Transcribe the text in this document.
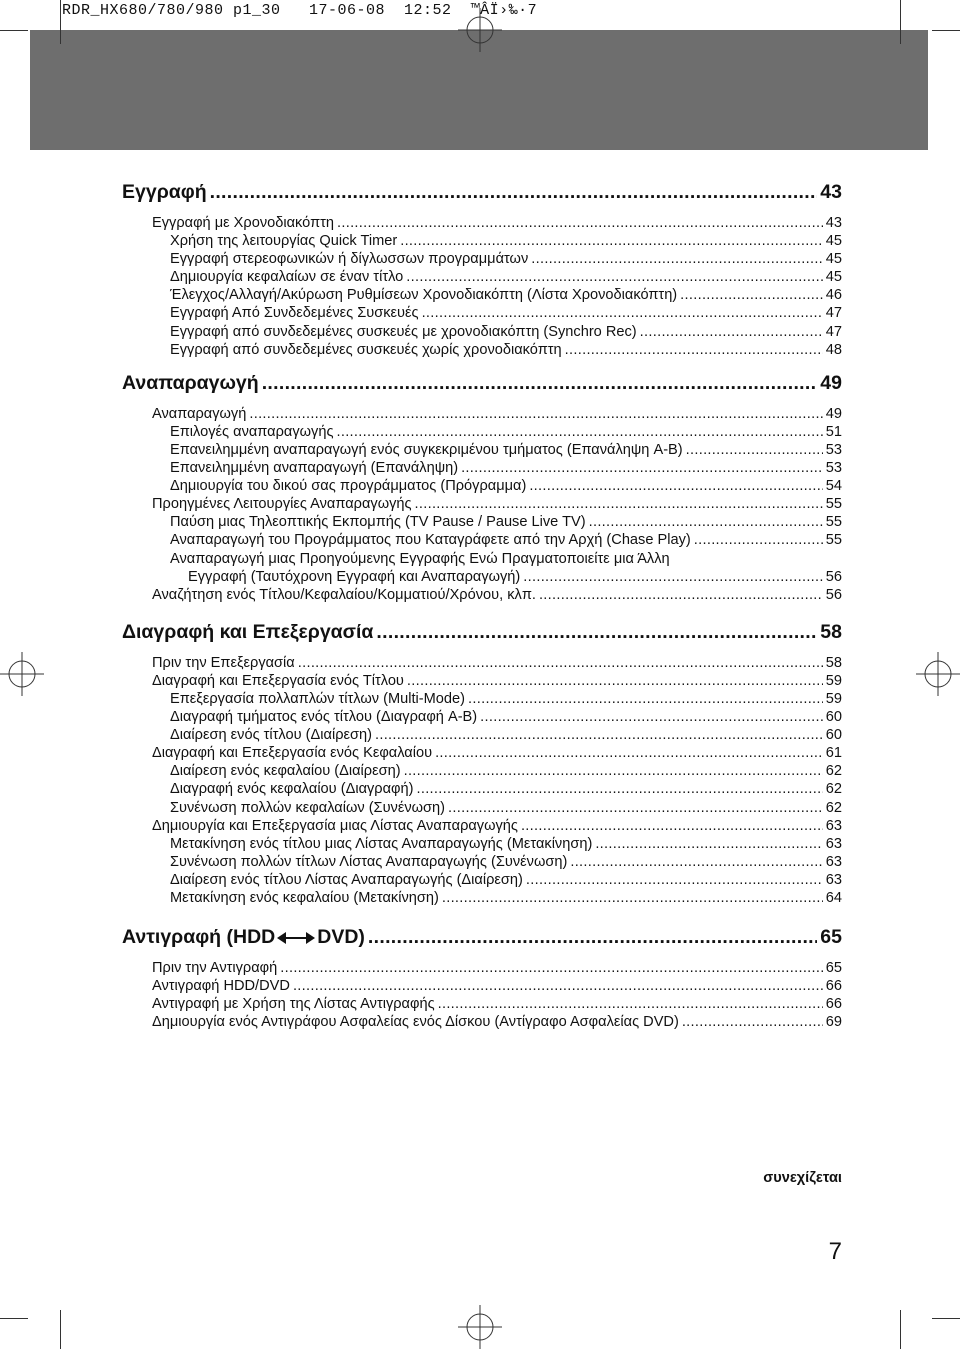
RDR_HX680/780/980 p1_30   17-06-08  12:52  ™ÂÏ›‰·7
Εγγραφή .....	43
Εγγραφή με Χρονοδιακόπτη .....	43
Χρήση της λειτουργίας Quick Timer .....	45
Εγγραφή στερεοφωνικών ή δίγλωσσων προγραμμάτων .....	45
Δημιουργία κεφαλαίων σε έναν τίτλο .....	45
Έλεγχος/Αλλαγή/Ακύρωση Ρυθμίσεων Χρονοδιακόπτη (Λίστα Χρονοδιακόπτη) .....	46
Εγγραφή Από Συνδεδεμένες Συσκευές .....	47
Εγγραφή από συνδεδεμένες συσκευές με χρονοδιακόπτη (Synchro Rec) .....	47
Εγγραφή από συνδεδεμένες συσκευές χωρίς χρονοδιακόπτη .....	48
Αναπαραγωγή .....	49
Αναπαραγωγή .....	49
Επιλογές αναπαραγωγής .....	51
Επανειλημμένη αναπαραγωγή ενός συγκεκριμένου τμήματος (Επανάληψη A-B) .....	53
Επανειλημμένη αναπαραγωγή (Επανάληψη) .....	53
Δημιουργία του δικού σας προγράμματος (Πρόγραμμα) .....	54
Προηγμένες Λειτουργίες Αναπαραγωγής .....	55
Παύση μιας Τηλεοπτικής Εκπομπής (TV Pause / Pause Live TV) .....	55
Αναπαραγωγή του Προγράμματος που Καταγράφετε από την Αρχή (Chase Play) .....	55
Αναπαραγωγή μιας Προηγούμενης Εγγραφής Ενώ Πραγματοποιείτε μια Άλλη
Εγγραφή (Ταυτόχρονη Εγγραφή και Αναπαραγωγή) .....	56
Αναζήτηση ενός Τίτλου/Κεφαλαίου/Κομματιού/Χρόνου, κλπ. .....	56
Διαγραφή και Επεξεργασία .....	58
Πριν την Επεξεργασία .....	58
Διαγραφή και Επεξεργασία ενός Τίτλου .....	59
Επεξεργασία πολλαπλών τίτλων (Multi-Mode) .....	59
Διαγραφή τμήματος ενός τίτλου (Διαγραφή A-B) .....	60
Διαίρεση ενός τίτλου (Διαίρεση) .....	60
Διαγραφή και Επεξεργασία ενός Κεφαλαίου .....	61
Διαίρεση ενός κεφαλαίου (Διαίρεση) .....	62
Διαγραφή ενός κεφαλαίου (Διαγραφή) .....	62
Συνένωση πολλών κεφαλαίων (Συνένωση) .....	62
Δημιουργία και Επεξεργασία μιας Λίστας Αναπαραγωγής .....	63
Μετακίνηση ενός τίτλου μιας Λίστας Αναπαραγωγής (Μετακίνηση) .....	63
Συνένωση πολλών τίτλων Λίστας Αναπαραγωγής (Συνένωση) .....	63
Διαίρεση ενός τίτλου Λίστας Αναπαραγωγής (Διαίρεση) .....	63
Μετακίνηση ενός κεφαλαίου (Μετακίνηση) .....	64
Αντιγραφή (HDD DVD) .....	65
Πριν την Αντιγραφή .....	65
Αντιγραφή HDD/DVD .....	66
Αντιγραφή με Χρήση της Λίστας Αντιγραφής .....	66
Δημιουργία ενός Αντιγράφου Ασφαλείας ενός Δίσκου (Αντίγραφο Ασφαλείας DVD) .....	69
συνεχίζεται
7
